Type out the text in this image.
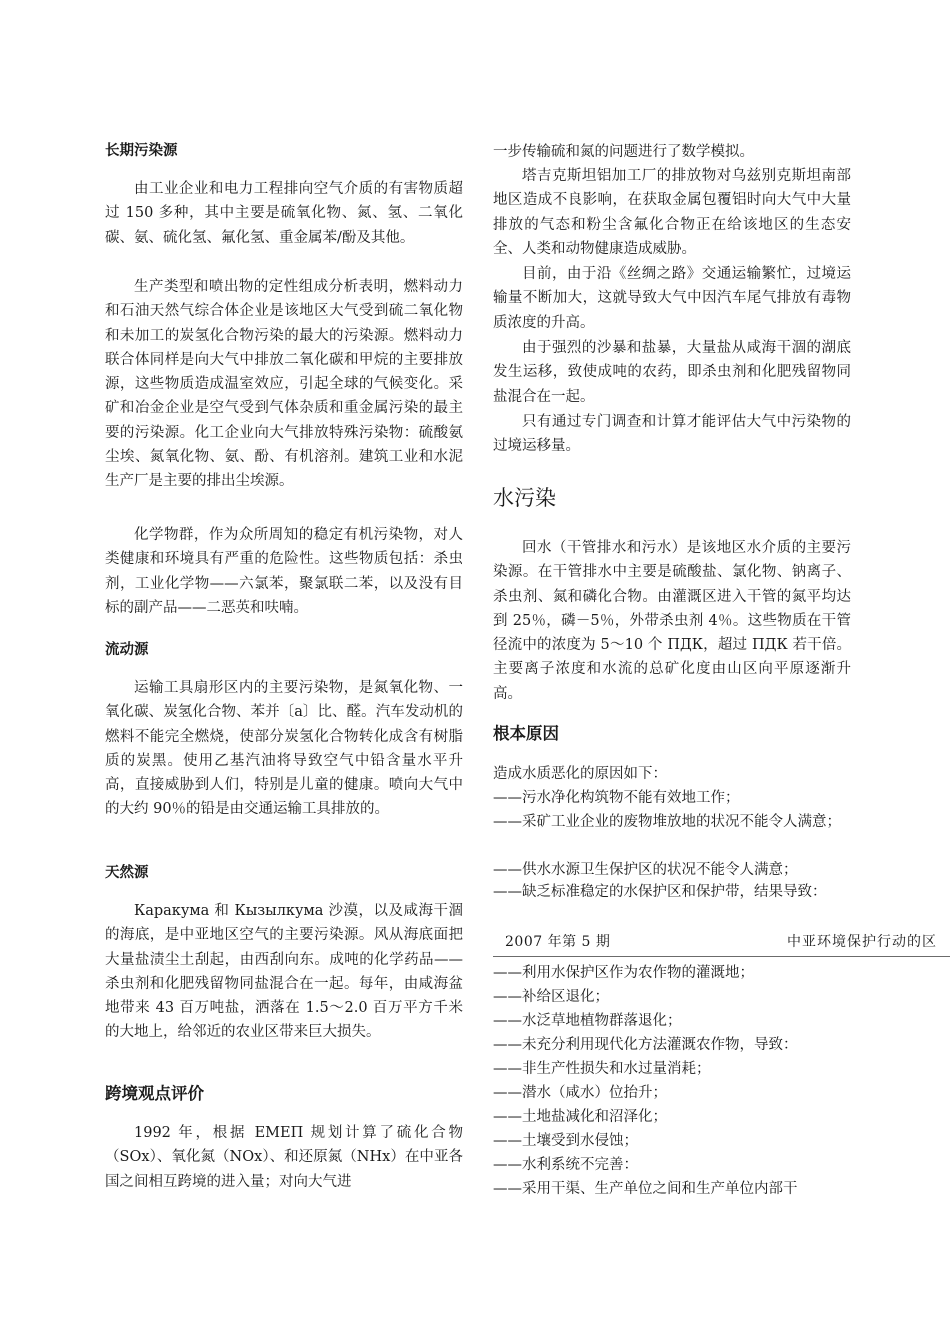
长期污染源

由工业企业和电力工程排向空气介质的有害物质超过 150 多种，其中主要是硫氧化物、氮、氢、二氧化碳、氨、硫化氢、氟化氢、重金属苯/酚及其他。

生产类型和喷出物的定性组成分析表明，燃料动力和石油天然气综合体企业是该地区大气受到硫二氧化物和未加工的炭氢化合物污染的最大的污染源。燃料动力联合体同样是向大气中排放二氧化碳和甲烷的主要排放源，这些物质造成温室效应，引起全球的气候变化。采矿和冶金企业是空气受到气体杂质和重金属污染的最主要的污染源。化工企业向大气排放特殊污染物：硫酸氨尘埃、氮氧化物、氨、酚、有机溶剂。建筑工业和水泥生产厂是主要的排出尘埃源。

化学物群，作为众所周知的稳定有机污染物，对人类健康和环境具有严重的危险性。这些物质包括：杀虫剂，工业化学物——六氯苯，聚氯联二苯，以及没有目标的副产品——二恶英和呋喃。

流动源

运输工具扇形区内的主要污染物，是氮氧化物、一氧化碳、炭氢化合物、苯并〔a〕比、醛。汽车发动机的燃料不能完全燃烧，使部分炭氢化合物转化成含有树脂质的炭黑。使用乙基汽油将导致空气中铅含量水平升高，直接威胁到人们，特别是儿童的健康。喷向大气中的大约 90％的铅是由交通运输工具排放的。

天然源

Каракума 和 Кызылкума 沙漠，以及咸海干涸的海底，是中亚地区空气的主要污染源。风从海底面把大量盐渍尘土刮起，由西刮向东。成吨的化学药品——杀虫剂和化肥残留物同盐混合在一起。每年，由咸海盆地带来 43 百万吨盐，洒落在 1.5～2.0 百万平方千米的大地上，给邻近的农业区带来巨大损失。

跨境观点评价

1992 年，根据 EMEП 规划计算了硫化合物（SOx）、氧化氮（NOx）、和还原氮（NHx）在中亚各国之间相互跨境的进入量；对向大气进

一步传输硫和氮的问题进行了数学模拟。

塔吉克斯坦铝加工厂的排放物对乌兹别克斯坦南部地区造成不良影响，在获取金属包覆铝时向大气中大量排放的气态和粉尘含氟化合物正在给该地区的生态安全、人类和动物健康造成威胁。

目前，由于沿《丝绸之路》交通运输繁忙，过境运输量不断加大，这就导致大气中因汽车尾气排放有毒物质浓度的升高。

由于强烈的沙暴和盐暴，大量盐从咸海干涸的湖底发生运移，致使成吨的农药，即杀虫剂和化肥残留物同盐混合在一起。

只有通过专门调查和计算才能评估大气中污染物的过境运移量。

水污染

回水（干管排水和污水）是该地区水介质的主要污染源。在干管排水中主要是硫酸盐、氯化物、钠离子、杀虫剂、氮和磷化合物。由灌溉区进入干管的氮平均达到 25％，磷－5％，外带杀虫剂 4％。这些物质在干管径流中的浓度为 5～10 个 ПДК，超过 ПДК 若干倍。主要离子浓度和水流的总矿化度由山区向平原逐渐升高。

根本原因

造成水质恶化的原因如下：

——污水净化构筑物不能有效地工作；

——采矿工业企业的废物堆放地的状况不能令人满意；

——供水水源卫生保护区的状况不能令人满意；

——缺乏标准稳定的水保护区和保护带，结果导致：

2007 年第 5 期	中亚环境保护行动的区

——利用水保护区作为农作物的灌溉地；

——补给区退化；

——水泛草地植物群落退化；

——未充分利用现代化方法灌溉农作物，导致：

——非生产性损失和水过量消耗；

——潜水（咸水）位抬升；

——土地盐减化和沼泽化；

——土壤受到水侵蚀；

——水利系统不完善：

——采用干渠、生产单位之间和生产单位内部干
